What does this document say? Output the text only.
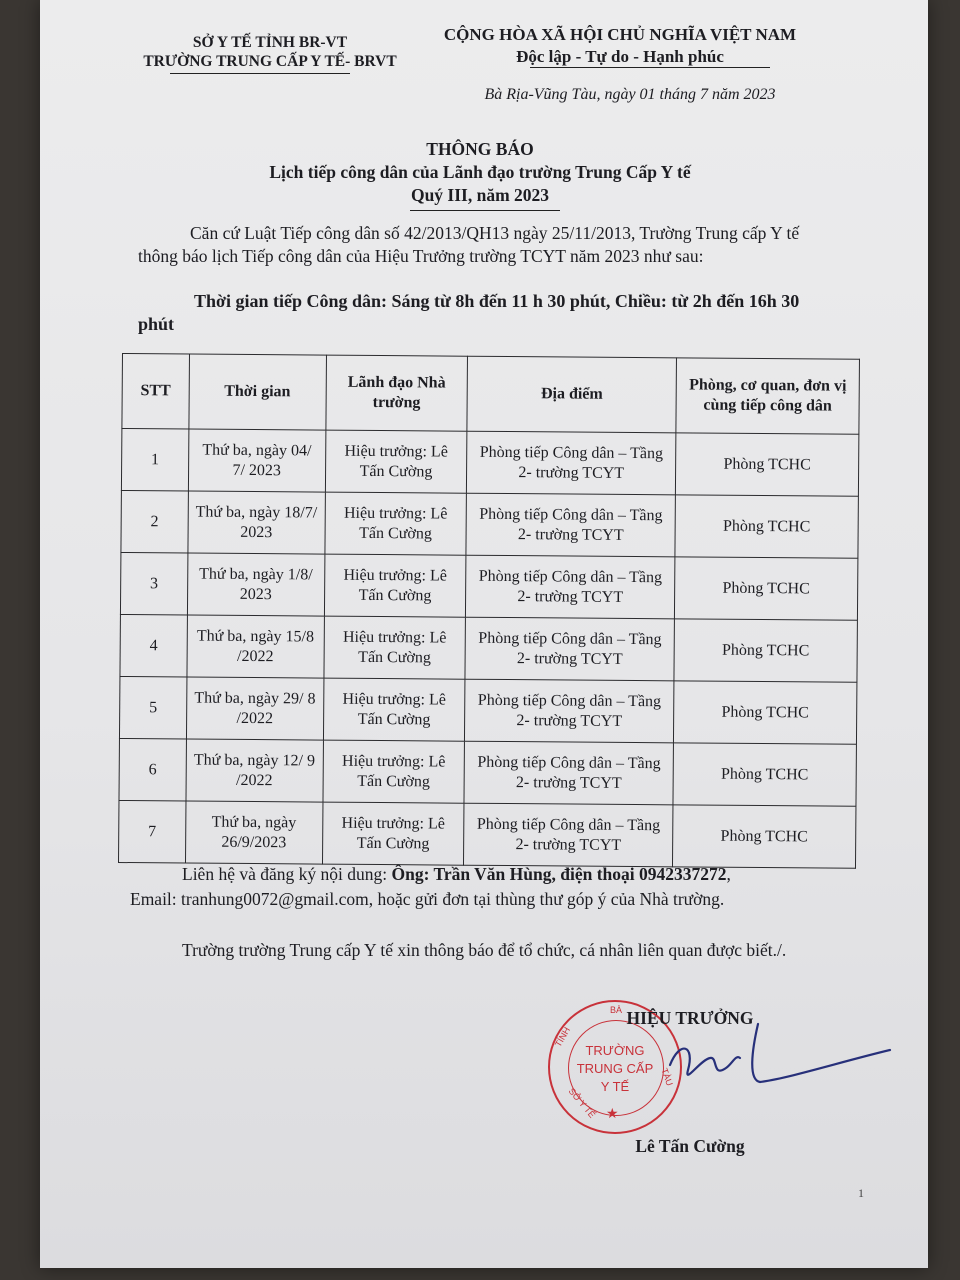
SỞ Y TẾ TỈNH BR-VT
TRƯỜNG TRUNG CẤP Y TẾ- BRVT
CỘNG HÒA XÃ HỘI CHỦ NGHĨA VIỆT NAM
Độc lập - Tự do - Hạnh phúc
Bà Rịa-Vũng Tàu, ngày 01 tháng 7 năm 2023
THÔNG BÁO
Lịch tiếp công dân của Lãnh đạo trường Trung Cấp Y tế
Quý III, năm 2023
Căn cứ Luật Tiếp công dân số 42/2013/QH13 ngày 25/11/2013, Trường Trung cấp Y tế thông báo lịch Tiếp công dân của Hiệu Trưởng trường TCYT năm 2023 như sau:
Thời gian tiếp Công dân: Sáng từ 8h đến 11 h 30 phút, Chiều: từ 2h đến 16h 30 phút
STT	Thời gian	Lãnh đạo Nhà trường	Địa điểm	Phòng, cơ quan, đơn vị cùng tiếp công dân
1	Thứ ba, ngày 04/ 7/ 2023	Hiệu trưởng: Lê Tấn Cường	Phòng tiếp Công dân – Tầng 2- trường TCYT	Phòng TCHC
2	Thứ ba, ngày 18/7/ 2023	Hiệu trưởng: Lê Tấn Cường	Phòng tiếp Công dân – Tầng 2- trường TCYT	Phòng TCHC
3	Thứ ba, ngày 1/8/ 2023	Hiệu trưởng: Lê Tấn Cường	Phòng tiếp Công dân – Tầng 2- trường TCYT	Phòng TCHC
4	Thứ ba, ngày 15/8 /2022	Hiệu trưởng: Lê Tấn Cường	Phòng tiếp Công dân – Tầng 2- trường TCYT	Phòng TCHC
5	Thứ ba, ngày 29/ 8 /2022	Hiệu trưởng: Lê Tấn Cường	Phòng tiếp Công dân – Tầng 2- trường TCYT	Phòng TCHC
6	Thứ ba, ngày 12/ 9 /2022	Hiệu trưởng: Lê Tấn Cường	Phòng tiếp Công dân – Tầng 2- trường TCYT	Phòng TCHC
7	Thứ ba, ngày 26/9/2023	Hiệu trưởng: Lê Tấn Cường	Phòng tiếp Công dân – Tầng 2- trường TCYT	Phòng TCHC
Liên hệ và đăng ký nội dung: Ông: Trần Văn Hùng, điện thoại 0942337272,
Email: tranhung0072@gmail.com, hoặc gửi đơn tại thùng thư góp ý của Nhà trường.
Trường trường Trung cấp Y tế xin thông báo để tổ chức, cá nhân liên quan được biết./.
BÀ
TÀU
TỈNH
SỞ Y TẾ
TRƯỜNG
TRUNG CẤP
Y TẾ
★
HIỆU TRƯỞNG
Lê Tấn Cường
1
